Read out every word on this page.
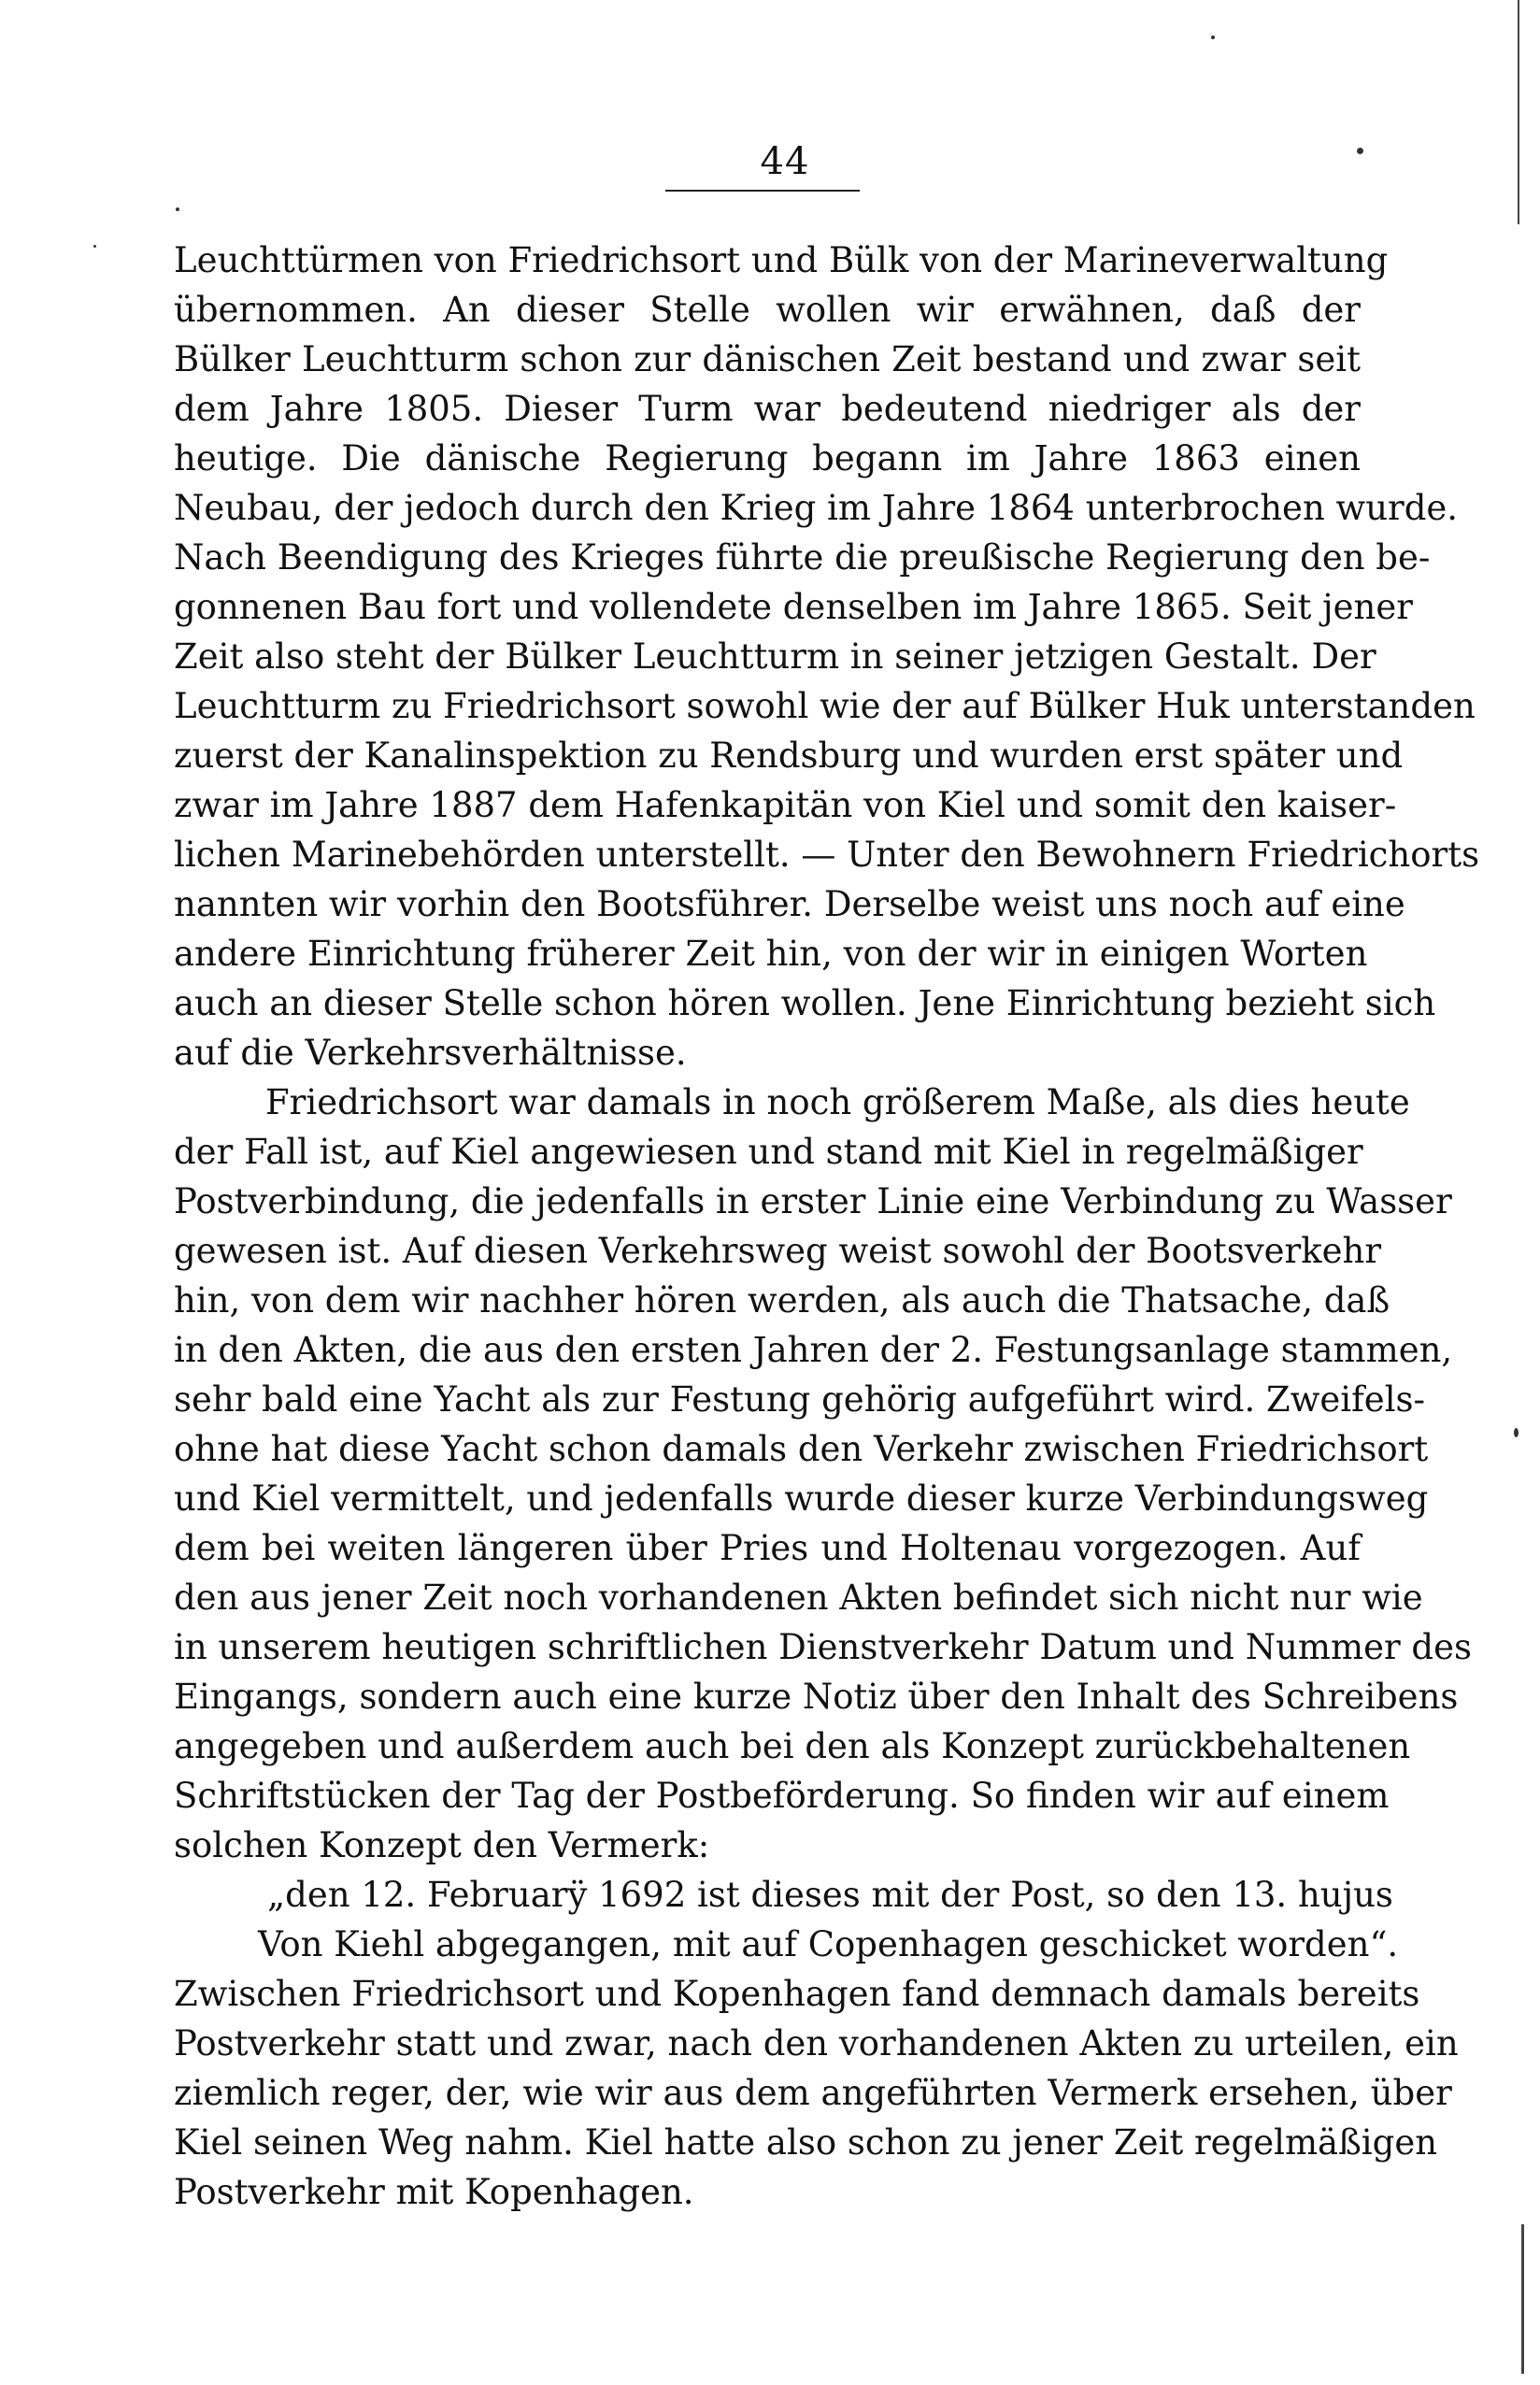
44
Leuchttürmen von Friedrichsort und Bülk von der Marineverwaltung
übernommen. An dieser Stelle wollen wir erwähnen, daß der
Bülker Leuchtturm schon zur dänischen Zeit bestand und zwar seit
dem Jahre 1805. Dieser Turm war bedeutend niedriger als der
heutige. Die dänische Regierung begann im Jahre 1863 einen
Neubau, der jedoch durch den Krieg im Jahre 1864 unterbrochen wurde.
Nach Beendigung des Krieges führte die preußische Regierung den be-
gonnenen Bau fort und vollendete denselben im Jahre 1865. Seit jener
Zeit also steht der Bülker Leuchtturm in seiner jetzigen Gestalt. Der
Leuchtturm zu Friedrichsort sowohl wie der auf Bülker Huk unterstanden
zuerst der Kanalinspektion zu Rendsburg und wurden erst später und
zwar im Jahre 1887 dem Hafenkapitän von Kiel und somit den kaiser-
lichen Marinebehörden unterstellt. — Unter den Bewohnern Friedrichorts
nannten wir vorhin den Bootsführer. Derselbe weist uns noch auf eine
andere Einrichtung früherer Zeit hin, von der wir in einigen Worten
auch an dieser Stelle schon hören wollen. Jene Einrichtung bezieht sich
auf die Verkehrsverhältnisse.
Friedrichsort war damals in noch größerem Maße, als dies heute
der Fall ist, auf Kiel angewiesen und stand mit Kiel in regelmäßiger
Postverbindung, die jedenfalls in erster Linie eine Verbindung zu Wasser
gewesen ist. Auf diesen Verkehrsweg weist sowohl der Bootsverkehr
hin, von dem wir nachher hören werden, als auch die Thatsache, daß
in den Akten, die aus den ersten Jahren der 2. Festungsanlage stammen,
sehr bald eine Yacht als zur Festung gehörig aufgeführt wird. Zweifels-
ohne hat diese Yacht schon damals den Verkehr zwischen Friedrichsort
und Kiel vermittelt, und jedenfalls wurde dieser kurze Verbindungsweg
dem bei weiten längeren über Pries und Holtenau vorgezogen. Auf
den aus jener Zeit noch vorhandenen Akten befindet sich nicht nur wie
in unserem heutigen schriftlichen Dienstverkehr Datum und Nummer des
Eingangs, sondern auch eine kurze Notiz über den Inhalt des Schreibens
angegeben und außerdem auch bei den als Konzept zurückbehaltenen
Schriftstücken der Tag der Postbeförderung. So finden wir auf einem
solchen Konzept den Vermerk:
„den 12. Februarÿ 1692 ist dieses mit der Post, so den 13. hujus
Von Kiehl abgegangen, mit auf Copenhagen geschicket worden“.
Zwischen Friedrichsort und Kopenhagen fand demnach damals bereits
Postverkehr statt und zwar, nach den vorhandenen Akten zu urteilen, ein
ziemlich reger, der, wie wir aus dem angeführten Vermerk ersehen, über
Kiel seinen Weg nahm. Kiel hatte also schon zu jener Zeit regelmäßigen
Postverkehr mit Kopenhagen.
